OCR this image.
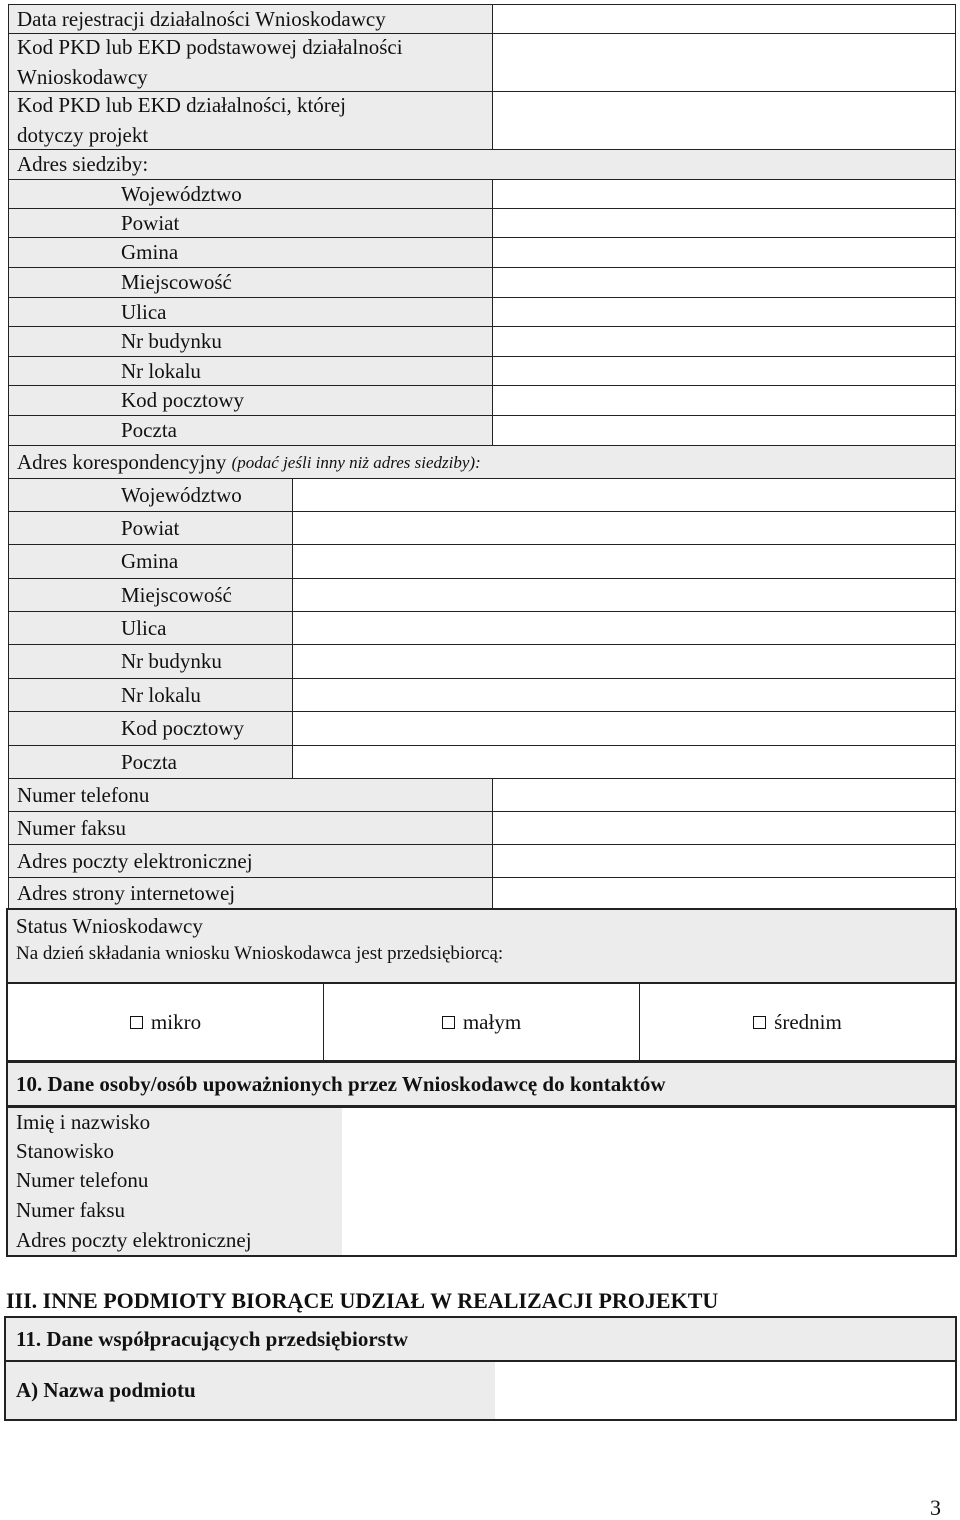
Data rejestracji działalności Wnioskodawcy
Kod PKD lub EKD podstawowej działalności
Wnioskodawcy
Kod PKD lub EKD działalności, której
dotyczy projekt
Adres siedziby:
Województwo
Powiat
Gmina
Miejscowość
Ulica
Nr budynku
Nr lokalu
Kod pocztowy
Poczta
Adres korespondencyjny
(podać jeśli inny niż adres siedziby):
Województwo
Powiat
Gmina
Miejscowość
Ulica
Nr budynku
Nr lokalu
Kod pocztowy
Poczta
Numer telefonu
Numer faksu
Adres poczty elektronicznej
Adres strony internetowej
Status Wnioskodawcy
Na dzień składania wniosku Wnioskodawca jest przedsiębiorcą:
mikro	małym	średnim
10. Dane osoby/osób upoważnionych przez Wnioskodawcę do kontaktów
Imię i nazwisko
Stanowisko
Numer telefonu
Numer faksu
Adres poczty elektronicznej
III. INNE PODMIOTY BIORĄCE UDZIAŁ W REALIZACJI PROJEKTU
11. Dane współpracujących przedsiębiorstw
A) Nazwa podmiotu
3
